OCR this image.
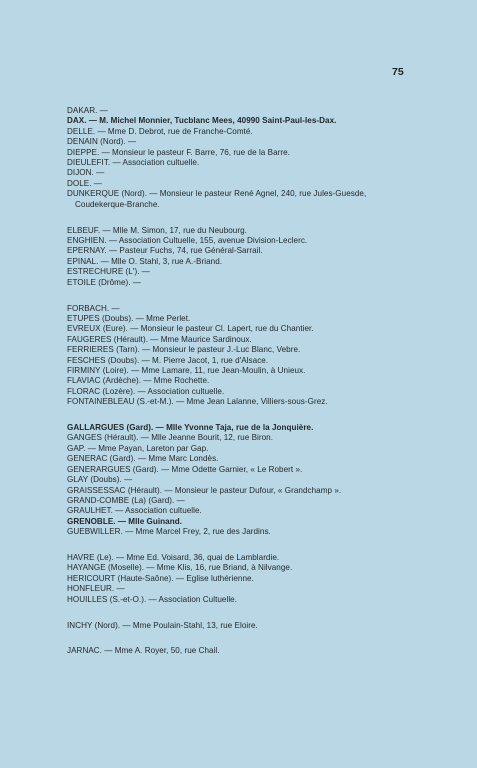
75
DAKAR. —
DAX. — M. Michel Monnier, Tucblanc Mees, 40990 Saint-Paul-les-Dax.
DELLE. — Mme D. Debrot, rue de Franche-Comté.
DENAIN (Nord). —
DIEPPE. — Monsieur le pasteur F. Barre, 76, rue de la Barre.
DIEULEFIT. — Association cultuelle.
DIJON. —
DOLE. —
DUNKERQUE (Nord). — Monsieur le pasteur René Agnel, 240, rue Jules-Guesde,
Coudekerque-Branche.
ELBEUF. — Mlle M. Simon, 17, rue du Neubourg.
ENGHIEN. — Association Cultuelle, 155, avenue Division-Leclerc.
EPERNAY. — Pasteur Fuchs, 74, rue Général-Sarrail.
EPINAL. — Mlle O. Stahl, 3, rue A.-Briand.
ESTRECHURE (L'). —
ETOILE (Drôme). —
FORBACH. —
ETUPES (Doubs). — Mme Perlet.
EVREUX (Eure). — Monsieur le pasteur Cl. Lapert, rue du Chantier.
FAUGERES (Hérault). — Mme Maurice Sardinoux.
FERRIERES (Tarn). — Monsieur le pasteur J.-Luc Blanc, Vebre.
FESCHES (Doubs). — M. Pierre Jacot, 1, rue d'Alsace.
FIRMINY (Loire). — Mme Lamare, 11, rue Jean-Moulin, à Unieux.
FLAVIAC (Ardèche). — Mme Rochette.
FLORAC (Lozère). — Association cultuelle.
FONTAINEBLEAU (S.-et-M.). — Mme Jean Lalanne, Villiers-sous-Grez.
GALLARGUES (Gard). — Mlle Yvonne Taja, rue de la Jonquière.
GANGES (Hérault). — Mlle Jeanne Bourit, 12, rue Biron.
GAP. — Mme Payan, Lareton par Gap.
GENERAC (Gard). — Mme Marc Londès.
GENERARGUES (Gard). — Mme Odette Garnier, « Le Robert ».
GLAY (Doubs). —
GRAISSESSAC (Hérault). — Monsieur le pasteur Dufour, « Grandchamp ».
GRAND-COMBE (La) (Gard). —
GRAULHET. — Association cultuelle.
GRENOBLE. — Mlle Guinand.
GUEBWILLER. — Mme Marcel Frey, 2, rue des Jardins.
HAVRE (Le). — Mme Ed. Voisard, 36, quai de Lamblardie.
HAYANGE (Moselle). — Mme Klis, 16, rue Briand, à Nilvange.
HERICOURT (Haute-Saône). — Eglise luthérienne.
HONFLEUR. —
HOUILLES (S.-et-O.). — Association Cultuelle.
INCHY (Nord). — Mme Poulain-Stahl, 13, rue Eloire.
JARNAC. — Mme A. Royer, 50, rue Chail.
